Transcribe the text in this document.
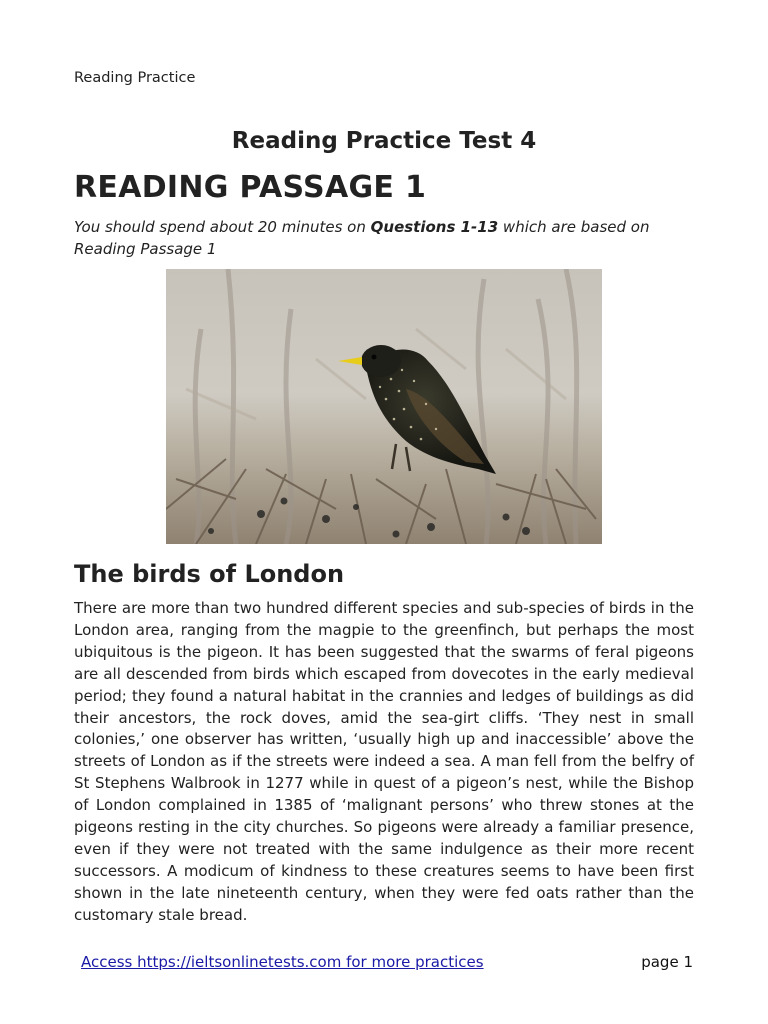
Reading Practice
Reading Practice Test 4
READING PASSAGE 1
You should spend about 20 minutes on Questions 1-13 which are based on Reading Passage 1
The birds of London

There are more than two hundred different species and sub-species of birds in the London area, ranging from the magpie to the greenfinch, but perhaps the most ubiquitous is the pigeon. It has been suggested that the swarms of feral pigeons are all descended from birds which escaped from dovecotes in the early medieval period; they found a natural habitat in the crannies and ledges of buildings as did their ancestors, the rock doves, amid the sea-girt cliffs. ‘They nest in small colonies,’ one observer has written, ‘usually high up and inaccessible’ above the streets of London as if the streets were indeed a sea. A man fell from the belfry of St Stephens Walbrook in 1277 while in quest of a pigeon’s nest, while the Bishop of London complained in 1385 of ‘malignant persons’ who threw stones at the pigeons resting in the city churches. So pigeons were already a familiar presence, even if they were not treated with the same indulgence as their more recent successors. A modicum of kindness to these creatures seems to have been first shown in the late nineteenth century, when they were fed oats rather than the customary stale bread.

Access https://ieltsonlinetests.com for more practices	page 1
